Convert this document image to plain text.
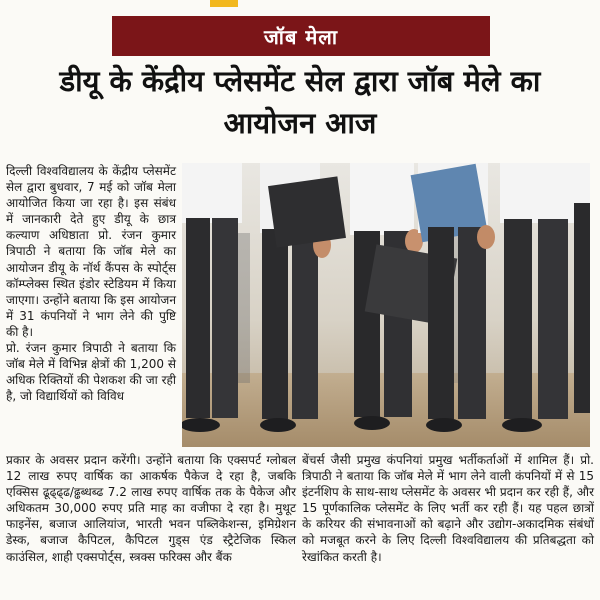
जॉब मेला
डीयू के केंद्रीय प्लेसमेंट सेल द्वारा जॉब मेले का
आयोजन आज

दिल्ली विश्वविद्यालय के केंद्रीय प्लेसमेंट सेल द्वारा बुधवार, 7 मई को जॉब मेला आयोजित किया जा रहा है। इस संबंध में जानकारी देते हुए डीयू के छात्र कल्याण अधिष्ठाता प्रो. रंजन कुमार त्रिपाठी ने बताया कि जॉब मेले का आयोजन डीयू के नॉर्थ कैंपस के स्पोर्ट्स कॉम्प्लेक्स स्थित इंडोर स्टेडियम में किया जाएगा। उन्होंने बताया कि इस आयोजन में 31 कंपनियों ने भाग लेने की पुष्टि की है।

प्रो. रंजन कुमार त्रिपाठी ने बताया कि जॉब मेले में विभिन्न क्षेत्रों की 1,200 से अधिक रिक्तियों की पेशकश की जा रही है, जो विद्यार्थियों को विविध

प्रकार के अवसर प्रदान करेंगी। उन्होंने बताया कि एक्सपर्ट ग्लोबल 12 लाख रुपए वार्षिक का आकर्षक पैकेज दे रहा है, जबकि एक्सिस ढूढ्ढ्ढ/ढ्ढब्धब्ढ 7.2 लाख रुपए वार्षिक तक के पैकेज और अधिकतम 30,000 रुपए प्रति माह का वजीफा दे रहा है। मुथूट फाइनेंस, बजाज आलियांज, भारती भवन पब्लिकेशन्स, इमिग्रेशन डेस्क, बजाज कैपिटल, कैपिटल गुड्स एंड स्ट्रैटेजिक स्किल काउंसिल, शाही एक्सपोर्ट्स, स्त्रक्स फरिक्स और बैंक

बेंचर्स जैसी प्रमुख कंपनियां प्रमुख भर्तीकर्ताओं में शामिल हैं। प्रो. त्रिपाठी ने बताया कि जॉब मेले में भाग लेने वाली कंपनियों में से 15 इंटर्नशिप के साथ-साथ प्लेसमेंट के अवसर भी प्रदान कर रही हैं, और 15 पूर्णकालिक प्लेसमेंट के लिए भर्ती कर रही हैं। यह पहल छात्रों के करियर की संभावनाओं को बढ़ाने और उद्योग-अकादमिक संबंधों को मजबूत करने के लिए दिल्ली विश्वविद्यालय की प्रतिबद्धता को रेखांकित करती है।
